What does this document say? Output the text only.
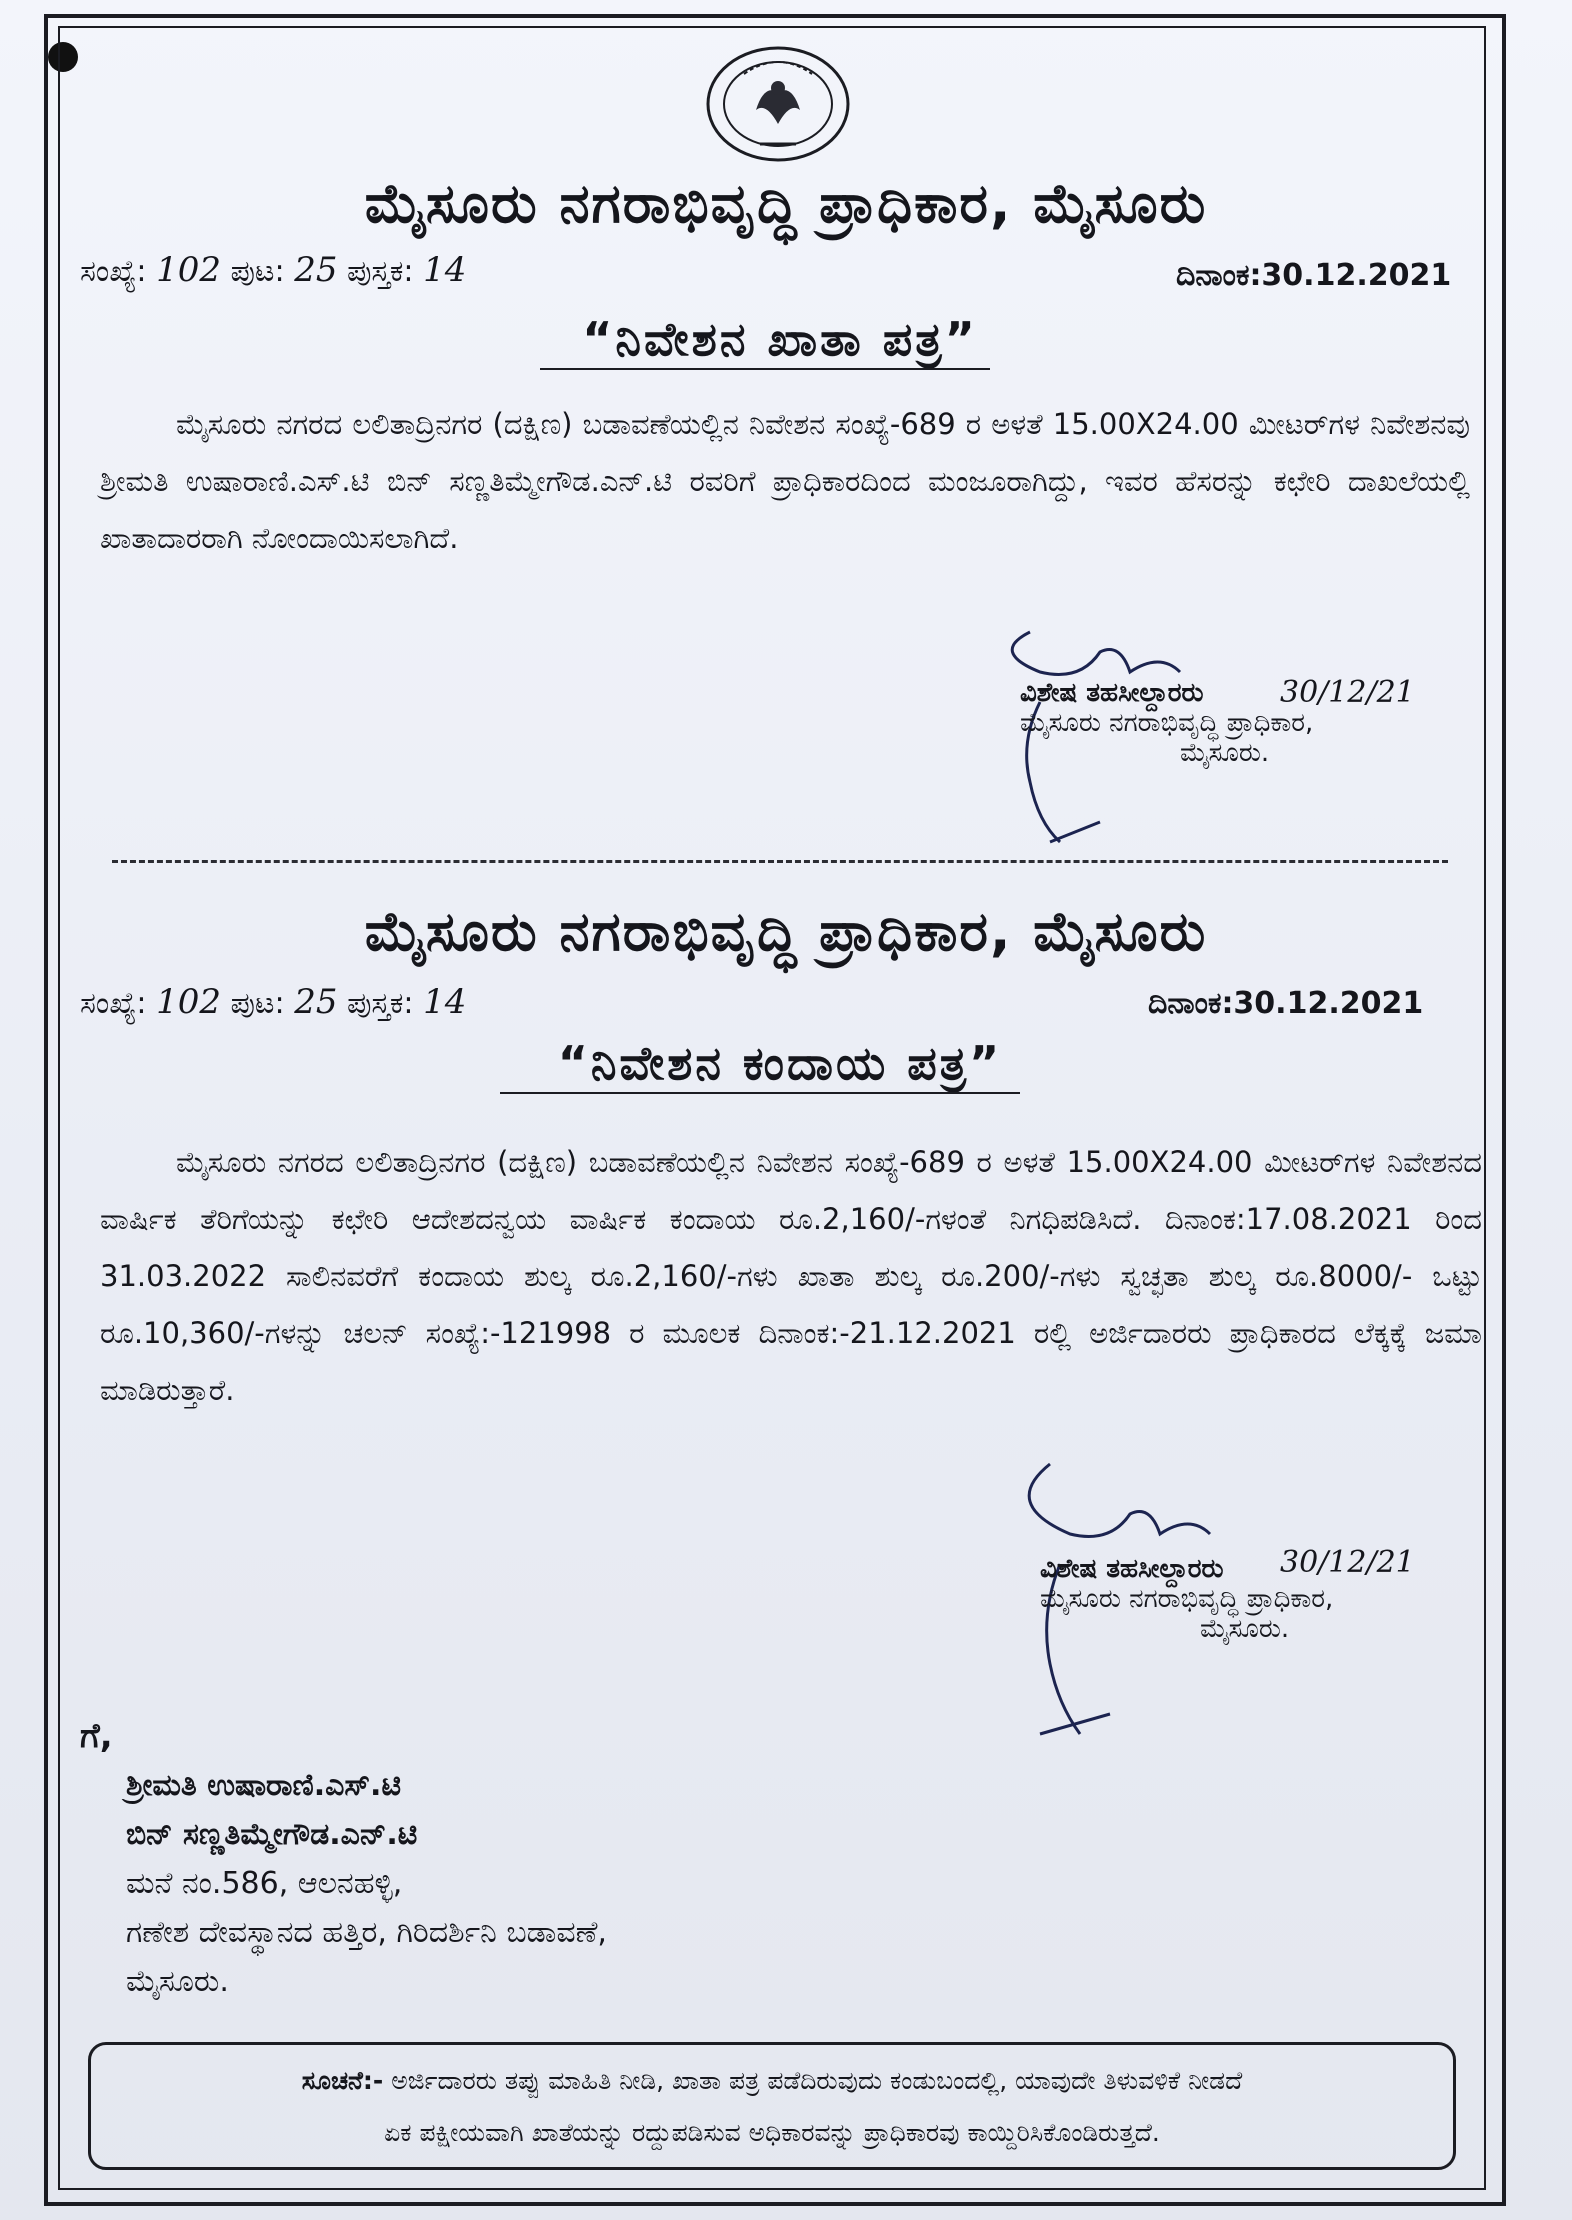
ಮೈಸೂರು ನಗರಾಭಿವೃದ್ಧಿ ಪ್ರಾಧಿಕಾರ, ಮೈಸೂರು
ಸಂಖ್ಯೆ: 102 ಪುಟ: 25 ಪುಸ್ತಕ: 14	ದಿನಾಂಕ:30.12.2021
“ನಿವೇಶನ ಖಾತಾ ಪತ್ರ”
ಮೈಸೂರು ನಗರದ ಲಲಿತಾದ್ರಿನಗರ (ದಕ್ಷಿಣ) ಬಡಾವಣೆಯಲ್ಲಿನ ನಿವೇಶನ ಸಂಖ್ಯೆ-689 ರ ಅಳತೆ 15.00X24.00 ಮೀಟರ್‌ಗಳ ನಿವೇಶನವು ಶ್ರೀಮತಿ ಉಷಾರಾಣಿ.ಎಸ್.ಟಿ ಬಿನ್ ಸಣ್ಣತಿಮ್ಮೇಗೌಡ.ಎನ್.ಟಿ ರವರಿಗೆ ಪ್ರಾಧಿಕಾರದಿಂದ ಮಂಜೂರಾಗಿದ್ದು, ಇವರ ಹೆಸರನ್ನು ಕಛೇರಿ ದಾಖಲೆಯಲ್ಲಿ ಖಾತಾದಾರರಾಗಿ ನೋಂದಾಯಿಸಲಾಗಿದೆ.
ವಿಶೇಷ ತಹಸೀಲ್ದಾರರು
ಮೈಸೂರು ನಗರಾಭಿವೃದ್ಧಿ ಪ್ರಾಧಿಕಾರ,
ಮೈಸೂರು.
30/12/21
ಮೈಸೂರು ನಗರಾಭಿವೃದ್ಧಿ ಪ್ರಾಧಿಕಾರ, ಮೈಸೂರು
ಸಂಖ್ಯೆ: 102 ಪುಟ: 25 ಪುಸ್ತಕ: 14	ದಿನಾಂಕ:30.12.2021
“ನಿವೇಶನ ಕಂದಾಯ ಪತ್ರ”
ಮೈಸೂರು ನಗರದ ಲಲಿತಾದ್ರಿನಗರ (ದಕ್ಷಿಣ) ಬಡಾವಣೆಯಲ್ಲಿನ ನಿವೇಶನ ಸಂಖ್ಯೆ-689 ರ ಅಳತೆ 15.00X24.00 ಮೀಟರ್‌ಗಳ ನಿವೇಶನದ ವಾರ್ಷಿಕ ತೆರಿಗೆಯನ್ನು ಕಛೇರಿ ಆದೇಶದನ್ವಯ ವಾರ್ಷಿಕ ಕಂದಾಯ ರೂ.2,160/-ಗಳಂತೆ ನಿಗಧಿಪಡಿಸಿದೆ. ದಿನಾಂಕ:17.08.2021 ರಿಂದ 31.03.2022 ಸಾಲಿನವರೆಗೆ ಕಂದಾಯ ಶುಲ್ಕ ರೂ.2,160/-ಗಳು ಖಾತಾ ಶುಲ್ಕ ರೂ.200/-ಗಳು ಸ್ವಚ್ಛತಾ ಶುಲ್ಕ ರೂ.8000/- ಒಟ್ಟು ರೂ.10,360/-ಗಳನ್ನು ಚಲನ್ ಸಂಖ್ಯೆ:-121998 ರ ಮೂಲಕ ದಿನಾಂಕ:-21.12.2021 ರಲ್ಲಿ ಅರ್ಜಿದಾರರು ಪ್ರಾಧಿಕಾರದ ಲೆಕ್ಕಕ್ಕೆ ಜಮಾ ಮಾಡಿರುತ್ತಾರೆ.
ವಿಶೇಷ ತಹಸೀಲ್ದಾರರು
ಮೈಸೂರು ನಗರಾಭಿವೃದ್ಧಿ ಪ್ರಾಧಿಕಾರ,
ಮೈಸೂರು.
30/12/21
ಗೆ,
ಶ್ರೀಮತಿ ಉಷಾರಾಣಿ.ಎಸ್.ಟಿ
ಬಿನ್ ಸಣ್ಣತಿಮ್ಮೇಗೌಡ.ಎನ್.ಟಿ
ಮನೆ ನಂ.586, ಆಲನಹಳ್ಳಿ,
ಗಣೇಶ ದೇವಸ್ಥಾನದ ಹತ್ತಿರ, ಗಿರಿದರ್ಶಿನಿ ಬಡಾವಣೆ,
ಮೈಸೂರು.
ಸೂಚನೆ:- ಅರ್ಜಿದಾರರು ತಪ್ಪು ಮಾಹಿತಿ ನೀಡಿ, ಖಾತಾ ಪತ್ರ ಪಡೆದಿರುವುದು ಕಂಡುಬಂದಲ್ಲಿ, ಯಾವುದೇ ತಿಳುವಳಿಕೆ ನೀಡದೆ
ಏಕ ಪಕ್ಷೀಯವಾಗಿ ಖಾತೆಯನ್ನು ರದ್ದುಪಡಿಸುವ ಅಧಿಕಾರವನ್ನು ಪ್ರಾಧಿಕಾರವು ಕಾಯ್ದಿರಿಸಿಕೊಂಡಿರುತ್ತದೆ.
